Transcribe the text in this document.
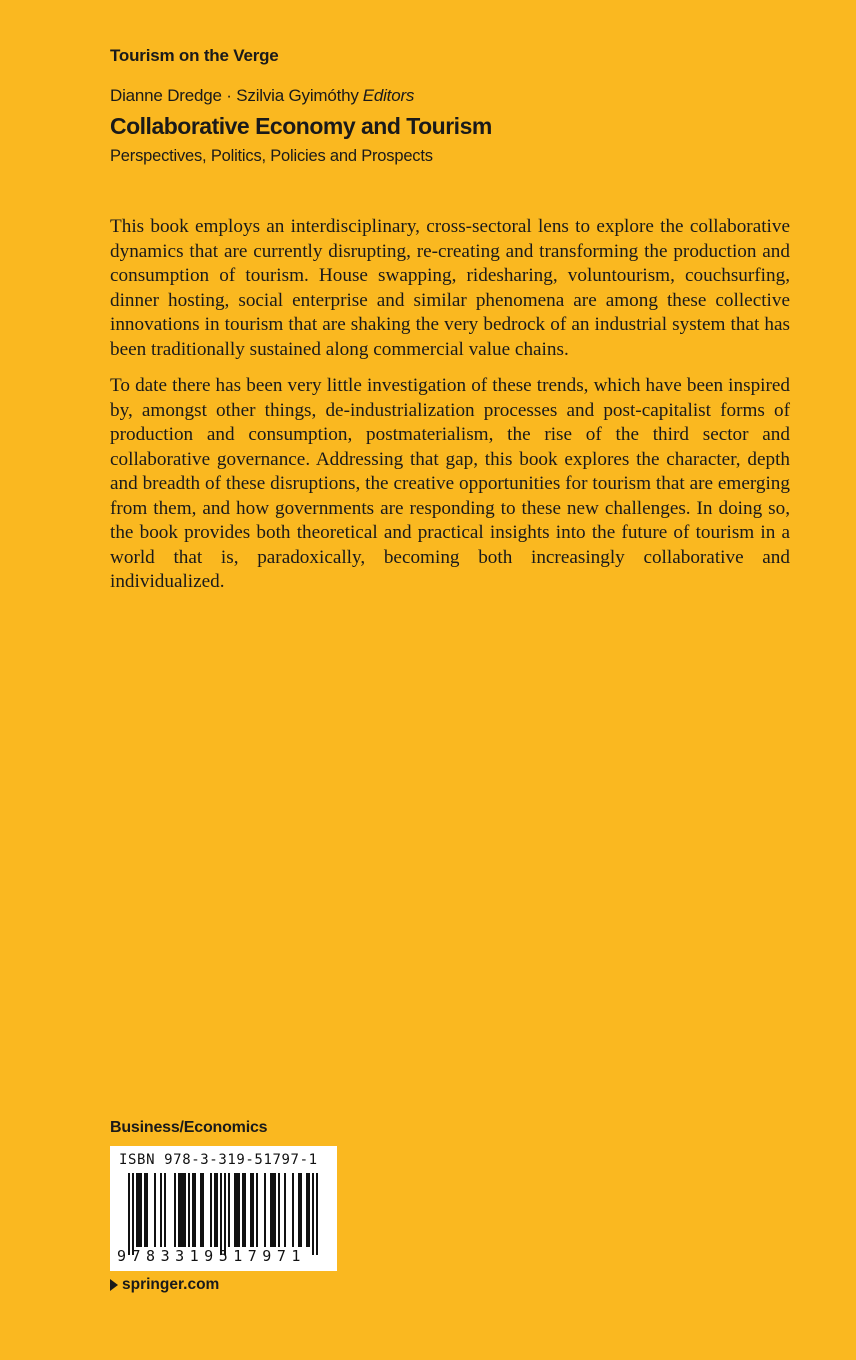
Tourism on the Verge
Dianne Dredge · Szilvia Gyimóthy Editors
Collaborative Economy and Tourism
Perspectives, Politics, Policies and Prospects

This book employs an interdisciplinary, cross-sectoral lens to explore the collaborative dynamics that are currently disrupting, re-creating and transforming the production and consumption of tourism. House swapping, ridesharing, voluntourism, couchsurfing, dinner hosting, social enterprise and similar phenomena are among these collective innovations in tourism that are shaking the very bedrock of an industrial system that has been traditionally sustained along commercial value chains.

To date there has been very little investigation of these trends, which have been inspired by, amongst other things, de-industrialization processes and post-capitalist forms of production and consumption, postmaterialism, the rise of the third sector and collaborative governance. Addressing that gap, this book explores the character, depth and breadth of these disruptions, the creative opportunities for tourism that are emerging from them, and how governments are responding to these new challenges. In doing so, the book provides both theoretical and practical insights into the future of tourism in a world that is, paradoxically, becoming both increasingly collaborative and individualized.

Business/Economics
ISBN 978-3-319-51797-1
9783319517971
springer.com
